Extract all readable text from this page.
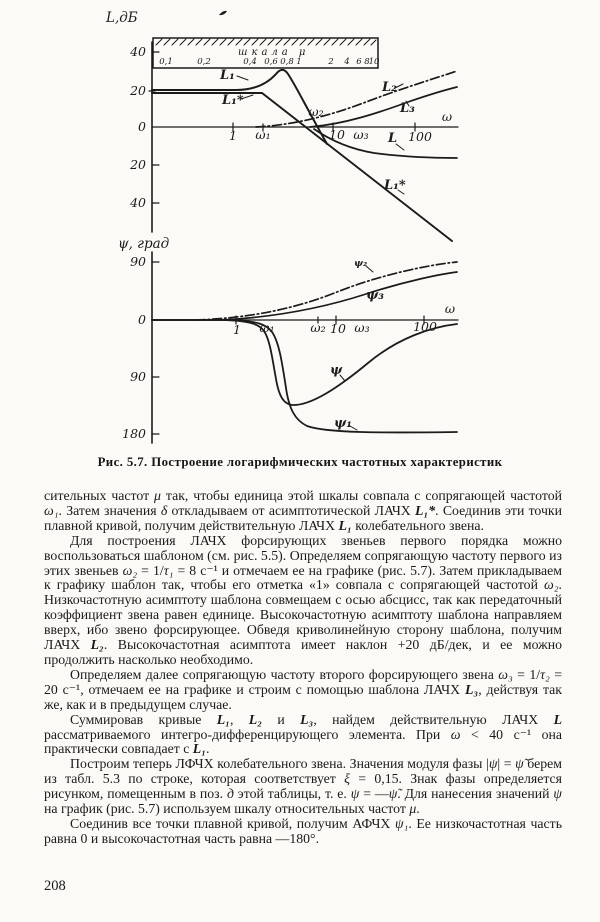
шкала μ
0,1	0,2	0,4 0,6 0,8 1	2 4 6 8
10
L,дБ
40
20
0
20
40
1 ω₁
ω₂
10 ω₃	100
ω
L₁
L₁*
L₂
L₃
L
L₁*
ψ, град
90
0
90
180
1 ω₁	ω₂ 10 ω₃	100
ω
ψ₃
ψ
ψ₁
ψ₂
Рис. 5.7. Построение логарифмических частотных характеристик

сительных частот μ так, чтобы единица этой шкалы совпала с сопрягающей частотой ω₁. Затем значения δ откладываем от асимптотической ЛАЧХ L₁*. Соединив эти точки плавной кривой, получим действительную ЛАЧХ L₁ колебательного звена.

Для построения ЛАЧХ форсирующих звеньев первого порядка можно воспользоваться шаблоном (см. рис. 5.5). Определяем сопрягающую частоту первого из этих звеньев ω₂ = 1/τ₁ = 8 с⁻¹ и отмечаем ее на графике (рис. 5.7). Затем прикладываем к графику шаблон так, чтобы его отметка «1» совпала с сопрягающей частотой ω₂. Низкочастотную асимптоту шаблона совмещаем с осью абсцисс, так как передаточный коэффициент звена равен единице. Высокочастотную асимптоту шаблона направляем вверх, ибо звено форсирующее. Обведя криволинейную сторону шаблона, получим ЛАЧХ L₂. Высокочастотная асимптота имеет наклон +20 дБ/дек, и ее можно продолжить насколько необходимо.

Определяем далее сопрягающую частоту второго форсирующего звена ω₃ = 1/τ₂ = 20 с⁻¹, отмечаем ее на графике и строим с помощью шаблона ЛАЧХ L₃, действуя так же, как и в предыдущем случае.

Суммировав кривые L₁, L₂ и L₃, найдем действительную ЛАЧХ L рассматриваемого интегро-дифференцирующего элемента. При ω < 40 с⁻¹ она практически совпадает с L₁.

Построим теперь ЛФЧХ колебательного звена. Значения модуля фазы |ψ| = ψ̃ берем из табл. 5.3 по строке, которая соответствует ξ = 0,15. Знак фазы определяется рисунком, помещенным в поз. д этой таблицы, т. е. ψ = —ψ̃. Для нанесения значений ψ на график (рис. 5.7) используем шкалу относительных частот μ.

Соединив все точки плавной кривой, получим АФЧХ ψ₁. Ее низкочастотная часть равна 0 и высокочастотная часть равна —180°.

208
